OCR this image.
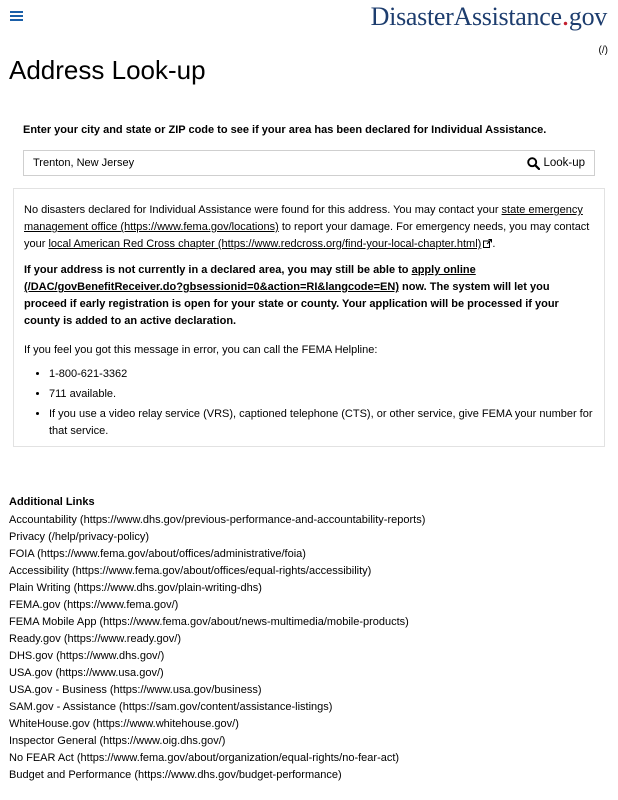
DisasterAssistance.gov
(/)
Address Look-up

Enter your city and state or ZIP code to see if your area has been declared for Individual Assistance.

Trenton, New Jersey	Look-up

No disasters declared for Individual Assistance were found for this address. You may contact your state emergency management office (https://www.fema.gov/locations) to report your damage. For emergency needs, you may contact your local American Red Cross chapter (https://www.redcross.org/find-your-local-chapter.html) .

If your address is not currently in a declared area, you may still be able to apply online (/DAC/govBenefitReceiver.do?gbsessionid=0&action=RI&langcode=EN) now. The system will let you proceed if early registration is open for your state or county. Your application will be processed if your county is added to an active declaration.

If you feel you got this message in error, you can call the FEMA Helpline:

• 1-800-621-3362
• 711 available.
• If you use a video relay service (VRS), captioned telephone (CTS), or other service, give FEMA your number for that service.
Additional Links
Accountability (https://www.dhs.gov/previous-performance-and-accountability-reports)
Privacy (/help/privacy-policy)
FOIA (https://www.fema.gov/about/offices/administrative/foia)
Accessibility (https://www.fema.gov/about/offices/equal-rights/accessibility)
Plain Writing (https://www.dhs.gov/plain-writing-dhs)
FEMA.gov (https://www.fema.gov/)
FEMA Mobile App (https://www.fema.gov/about/news-multimedia/mobile-products)
Ready.gov (https://www.ready.gov/)
DHS.gov (https://www.dhs.gov/)
USA.gov (https://www.usa.gov/)
USA.gov - Business (https://www.usa.gov/business)
SAM.gov - Assistance (https://sam.gov/content/assistance-listings)
WhiteHouse.gov (https://www.whitehouse.gov/)
Inspector General (https://www.oig.dhs.gov/)
No FEAR Act (https://www.fema.gov/about/organization/equal-rights/no-fear-act)
Budget and Performance (https://www.dhs.gov/budget-performance)
